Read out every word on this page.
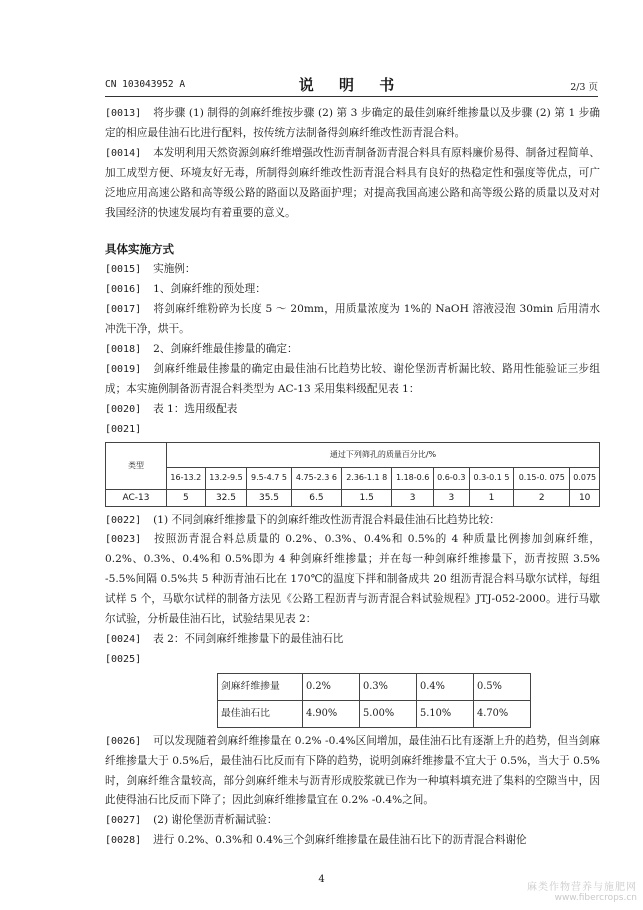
CN 103043952 A	说 明 书	2/3 页

[0013] 将步骤 (1) 制得的剑麻纤维按步骤 (2) 第 3 步确定的最佳剑麻纤维掺量以及步骤 (2) 第 1 步确定的相应最佳油石比进行配料，按传统方法制备得剑麻纤维改性沥青混合料。

[0014] 本发明利用天然资源剑麻纤维增强改性沥青制备沥青混合料具有原料廉价易得、制备过程简单、加工成型方便、环境友好无毒，所制得剑麻纤维改性沥青混合料具有良好的热稳定性和强度等优点，可广泛地应用高速公路和高等级公路的路面以及路面护理；对提高我国高速公路和高等级公路的质量以及对对我国经济的快速发展均有着重要的意义。

具体实施方式

[0015] 实施例：

[0016] 1、剑麻纤维的预处理：

[0017] 将剑麻纤维粉碎为长度 5 ～ 20mm，用质量浓度为 1%的 NaOH 溶液浸泡 30min 后用清水冲洗干净，烘干。

[0018] 2、剑麻纤维最佳掺量的确定：

[0019] 剑麻纤维最佳掺量的确定由最佳油石比趋势比较、谢伦堡沥青析漏比较、路用性能验证三步组成；本实施例制备沥青混合料类型为 AC-13 采用集料级配见表 1：

[0020] 表 1：选用级配表

[0021]

类型	通过下列筛孔的质量百分比/%									
	16-13.2	13.2-9.5	9.5-4.7 5	4.75-2.3 6	2.36-1.1 8	1.18-0.6	0.6-0.3	0.3-0.1 5	0.15-0. 075	0.075
AC-13	5	32.5	35.5	6.5	1.5	3	3	1	2	10

[0022] (1) 不同剑麻纤维掺量下的剑麻纤维改性沥青混合料最佳油石比趋势比较：

[0023] 按照沥青混合料总质量的 0.2%、0.3%、0.4%和 0.5%的 4 种质量比例掺加剑麻纤维，0.2%、0.3%、0.4%和 0.5%即为 4 种剑麻纤维掺量；并在每一种剑麻纤维掺量下，沥青按照 3.5% -5.5%间隔 0.5%共 5 种沥青油石比在 170℃的温度下拌和制备成共 20 组沥青混合料马歇尔试样，每组试样 5 个，马歇尔试样的制备方法见《公路工程沥青与沥青混合料试验规程》JTJ-052-2000。进行马歇尔试验，分析最佳油石比，试验结果见表 2：

[0024] 表 2：不同剑麻纤维掺量下的最佳油石比

[0025]

剑麻纤维掺量	0.2%	0.3%	0.4%	0.5%
最佳油石比	4.90%	5.00%	5.10%	4.70%

[0026] 可以发现随着剑麻纤维掺量在 0.2% -0.4%区间增加，最佳油石比有逐渐上升的趋势，但当剑麻纤维掺量大于 0.5%后，最佳油石比反而有下降的趋势，说明剑麻纤维掺量不宜大于 0.5%，当大于 0.5%时，剑麻纤维含量较高，部分剑麻纤维未与沥青形成胶浆就已作为一种填料填充进了集料的空隙当中，因此使得油石比反而下降了；因此剑麻纤维掺量宜在 0.2% -0.4%之间。

[0027] (2) 谢伦堡沥青析漏试验：

[0028] 进行 0.2%、0.3%和 0.4%三个剑麻纤维掺量在最佳油石比下的沥青混合料谢伦

4
麻类作物营养与施肥网
www.fibercrops.cn
